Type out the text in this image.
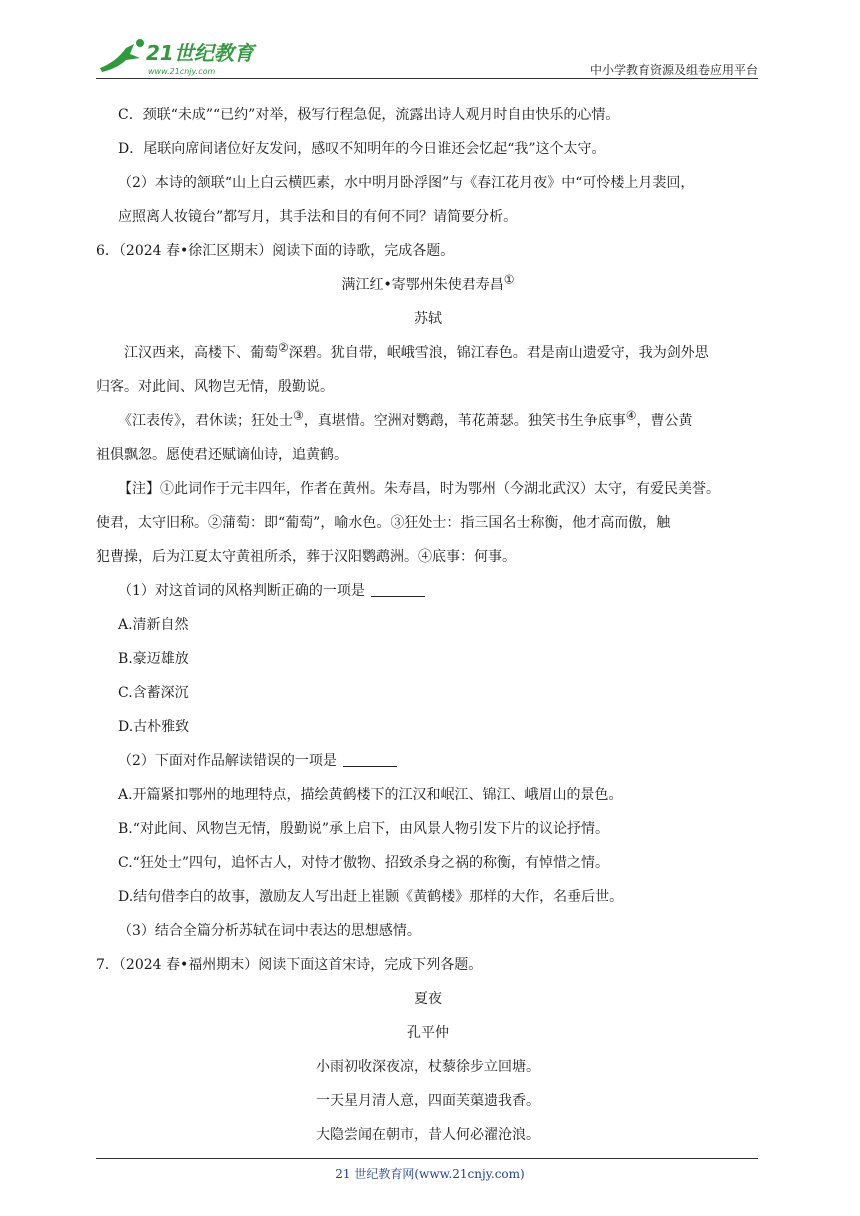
21世纪教育
www.21cnjy.com	中小学教育资源及组卷应用平台
C．颈联“未成”“已约”对举，极写行程急促，流露出诗人观月时自由快乐的心情。
D．尾联向席间诸位好友发问，感叹不知明年的今日谁还会忆起“我”这个太守。
（2）本诗的颔联“山上白云横匹素，水中明月卧浮图”与《春江花月夜》中“可怜楼上月裴回，
应照离人妆镜台”都写月，其手法和目的有何不同？请简要分析。
6．（2024 春•徐汇区期末）阅读下面的诗歌，完成各题。
满江红•寄鄂州朱使君寿昌①
苏轼
江汉西来，高楼下、葡萄②深碧。犹自带，岷峨雪浪，锦江春色。君是南山遗爱守，我为剑外思
归客。对此间、风物岂无情，殷勤说。
《江表传》，君休读；狂处士③，真堪惜。空洲对鹦鹉，苇花萧瑟。独笑书生争底事④，曹公黄
祖俱飘忽。愿使君还赋谪仙诗，追黄鹤。
【注】①此词作于元丰四年，作者在黄州。朱寿昌，时为鄂州（今湖北武汉）太守，有爱民美誉。
使君，太守旧称。②蒲萄：即“葡萄”，喻水色。③狂处士：指三国名士称衡，他才高而傲，触
犯曹操，后为江夏太守黄祖所杀，葬于汉阳鹦鹉洲。④底事：何事。
（1）对这首词的风格判断正确的一项是
A.清新自然
B.豪迈雄放
C.含蓄深沉
D.古朴雅致
（2）下面对作品解读错误的一项是
A.开篇紧扣鄂州的地理特点，描绘黄鹤楼下的江汉和岷江、锦江、峨眉山的景色。
B.“对此间、风物岂无情，殷勤说”承上启下，由风景人物引发下片的议论抒情。
C.“狂处士”四句，追怀古人，对恃才傲物、招致杀身之祸的称衡，有悼惜之情。
D.结句借李白的故事，激励友人写出赶上崔颢《黄鹤楼》那样的大作，名垂后世。
（3）结合全篇分析苏轼在词中表达的思想感情。
7．（2024 春•福州期末）阅读下面这首宋诗，完成下列各题。
夏夜
孔平仲
小雨初收深夜凉，杖藜徐步立回塘。
一天星月清人意，四面芙蕖遗我香。
大隐尝闻在朝市，昔人何必濯沧浪。
21 世纪教育网(www.21cnjy.com)
